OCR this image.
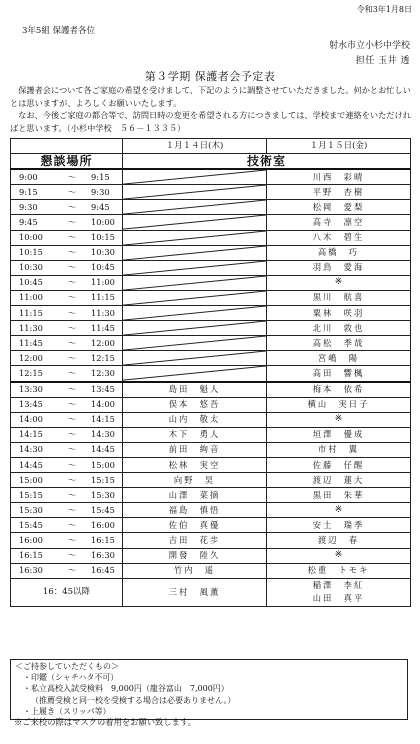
令和3年1月8日
3年5組 保護者各位
射水市立小杉中学校
担任 玉井 透
第３学期 保護者会予定表
保護者会について各ご家庭の希望を受けまして、下記のように調整させていただきました。何かとお忙しいとは思いますが、よろしくお願いいたします。
なお、今後ご家庭の都合等で、訪問日時の変更を希望される方につきましては、学校まで連絡をいただければと思います。（小杉中学校　５６－１３３５）
	１月１４日(木)	１月１５日(金)
懇談場所	技術室	

9:00 ～ 9:15		川西　彩晴

9:15 ～ 9:30		平野　杏樹

9:30 ～ 9:45		松岡　愛梨

9:45 ～ 10:00		高寺　凛空

10:00 ～ 10:15		八木　碧生

10:15 ～ 10:30		高橋　巧

10:30 ～ 10:45		羽鳥　愛海

10:45 ～ 11:00		※

11:00 ～ 11:15		黒川　航喜

11:15 ～ 11:30		粟林　咲羽

11:30 ～ 11:45		北川　敦也

11:45 ～ 12:00		高松　季哉

12:00 ～ 12:15		宮嶋　陽

12:15 ～ 12:30		高田　響楓

13:30 ～ 13:45	島田　魁人	梅本　依希

13:45 ～ 14:00	俣本　悠吾	横山　実日子

14:00 ～ 14:15	山内　敬太	※

14:15 ～ 14:30	木下　勇人	垣澤　優成

14:30 ～ 14:45	前田　絢音	市村　翼

14:45 ～ 15:00	松林　実空	佐藤　仔醒

15:00 ～ 15:15	向野　昊	渡辺　蓮大

15:15 ～ 15:30	山澤　菜摘	黒田　朱華

15:30 ～ 15:45	福島　慎悟	※

15:45 ～ 16:00	佐伯　真優	安土　瑞季

16:00 ～ 16:15	吉田　花歩	渡辺　春

16:15 ～ 16:30	開發　陸久	※

16:30 ～ 16:45	竹内　遥	松重　トモキ
16：45以降	三村　風薫	稲澤　李紅
山田　真平
＜ご持参していただくもの＞
・印鑑（シャチハタ不可）
・私立高校入試受検料　9,000円（龍谷富山　7,000円）
（推薦受検と同一校を受検する場合は必要ありません。）
・上履き（スリッパ等）
※ご来校の際はマスクの着用をお願い致します。
